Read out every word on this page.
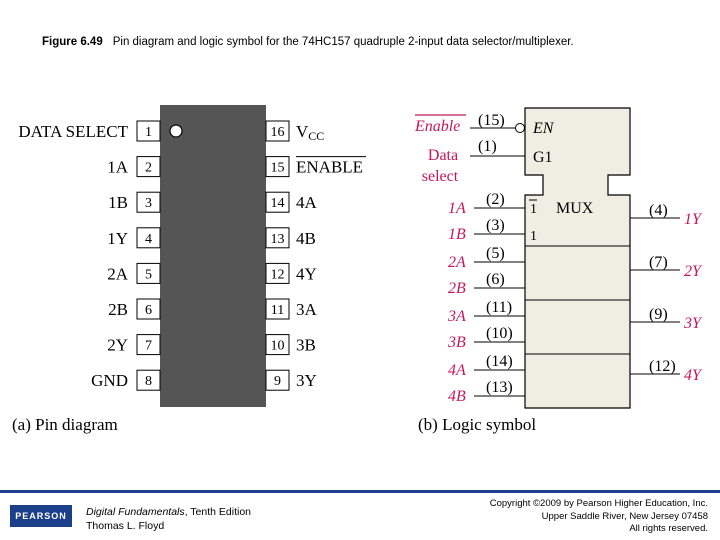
Figure 6.49 Pin diagram and logic symbol for the 74HC157 quadruple 2-input data selector/multiplexer.
1
DATA SELECT
2
1A
3
1B
4
1Y
5
2A
6
2B
7
2Y
8
GND
16 VCC
15 ENABLE
14 4A
13 4B
12 4Y
11 3A
10 3B
9 3Y
(a) Pin diagram
Enable (15) EN
Data
select
(1)
G1
MUX
1
1
1A
(2)
1B
(3)
2A
(5)
2B
(6)
3A
(11)
3B
(10)
4A
(14)
4B
(13)
(4)
1Y
(7)
2Y
(9)
3Y
(12)
4Y
(b) Logic symbol
PEARSON	Digital Fundamentals, Tenth Edition
Thomas L. Floyd
Copyright ©2009 by Pearson Higher Education, Inc.
Upper Saddle River, New Jersey 07458
All rights reserved.
